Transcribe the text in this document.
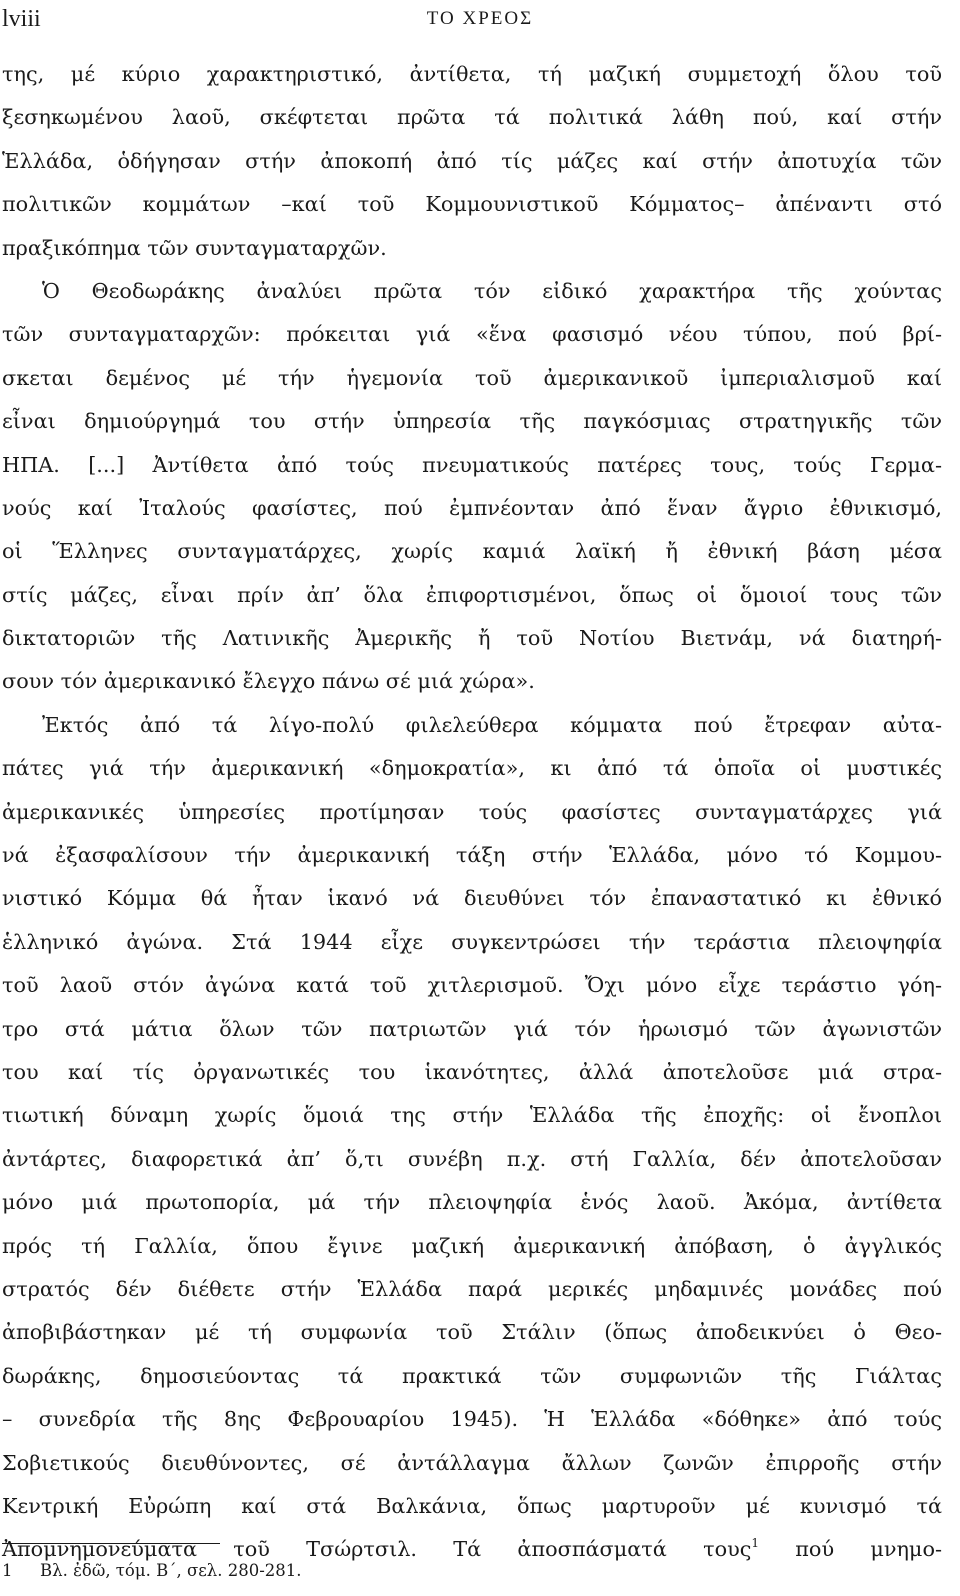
lviii	ΤΟ ΧΡΕΟΣ
της, μέ κύριο χαρακτηριστικό, ἀντίθετα, τή μαζική συμμετοχή ὅλου τοῦ
ξεσηκωμένου λαοῦ, σκέφτεται πρῶτα τά πολιτικά λάθη πού, καί στήν
Ἑλλάδα, ὁδήγησαν στήν ἀποκοπή ἀπό τίς μάζες καί στήν ἀποτυχία τῶν
πολιτικῶν κομμάτων –καί τοῦ Κομμουνιστικοῦ Κόμματος– ἀπέναντι στό
πραξικόπημα τῶν συνταγματαρχῶν.
Ὁ Θεοδωράκης ἀναλύει πρῶτα τόν εἰδικό χαρακτήρα τῆς χούντας
τῶν συνταγματαρχῶν: πρόκειται γιά «ἕνα φασισμό νέου τύπου, πού βρί-
σκεται δεμένος μέ τήν ἡγεμονία τοῦ ἀμερικανικοῦ ἰμπεριαλισμοῦ καί
εἶναι δημιούργημά του στήν ὑπηρεσία τῆς παγκόσμιας στρατηγικῆς τῶν
ΗΠΑ. [...] Ἀντίθετα ἀπό τούς πνευματικούς πατέρες τους, τούς Γερμα-
νούς καί Ἰταλούς φασίστες, πού ἐμπνέονταν ἀπό ἕναν ἄγριο ἐθνικισμό,
οἱ Ἕλληνες συνταγματάρχες, χωρίς καμιά λαϊκή ἤ ἐθνική βάση μέσα
στίς μάζες, εἶναι πρίν ἀπ’ ὅλα ἐπιφορτισμένοι, ὅπως οἱ ὅμοιοί τους τῶν
δικτατοριῶν τῆς Λατινικῆς Ἀμερικῆς ἤ τοῦ Νοτίου Βιετνάμ, νά διατηρή-
σουν τόν ἀμερικανικό ἔλεγχο πάνω σέ μιά χώρα».
Ἐκτός ἀπό τά λίγο-πολύ φιλελεύθερα κόμματα πού ἔτρεφαν αὐτα-
πάτες γιά τήν ἀμερικανική «δημοκρατία», κι ἀπό τά ὁποῖα οἱ μυστικές
ἀμερικανικές ὑπηρεσίες προτίμησαν τούς φασίστες συνταγματάρχες γιά
νά ἐξασφαλίσουν τήν ἀμερικανική τάξη στήν Ἑλλάδα, μόνο τό Κομμου-
νιστικό Κόμμα θά ἦταν ἱκανό νά διευθύνει τόν ἐπαναστατικό κι ἐθνικό
ἑλληνικό ἀγώνα. Στά 1944 εἶχε συγκεντρώσει τήν τεράστια πλειοψηφία
τοῦ λαοῦ στόν ἀγώνα κατά τοῦ χιτλερισμοῦ. Ὄχι μόνο εἶχε τεράστιο γόη-
τρο στά μάτια ὅλων τῶν πατριωτῶν γιά τόν ἡρωισμό τῶν ἀγωνιστῶν
του καί τίς ὀργανωτικές του ἱκανότητες, ἀλλά ἀποτελοῦσε μιά στρα-
τιωτική δύναμη χωρίς ὅμοιά της στήν Ἑλλάδα τῆς ἐποχῆς: οἱ ἔνοπλοι
ἀντάρτες, διαφορετικά ἀπ’ ὅ,τι συνέβη π.χ. στή Γαλλία, δέν ἀποτελοῦσαν
μόνο μιά πρωτοπορία, μά τήν πλειοψηφία ἑνός λαοῦ. Ἀκόμα, ἀντίθετα
πρός τή Γαλλία, ὅπου ἔγινε μαζική ἀμερικανική ἀπόβαση, ὁ ἀγγλικός
στρατός δέν διέθετε στήν Ἑλλάδα παρά μερικές μηδαμινές μονάδες πού
ἀποβιβάστηκαν μέ τή συμφωνία τοῦ Στάλιν (ὅπως ἀποδεικνύει ὁ Θεο-
δωράκης, δημοσιεύοντας τά πρακτικά τῶν συμφωνιῶν τῆς Γιάλτας
– συνεδρία τῆς 8ης Φεβρουαρίου 1945). Ἡ Ἑλλάδα «δόθηκε» ἀπό τούς
Σοβιετικούς διευθύνοντες, σέ ἀντάλλαγμα ἄλλων ζωνῶν ἐπιρροῆς στήν
Κεντρική Εὐρώπη καί στά Βαλκάνια, ὅπως μαρτυροῦν μέ κυνισμό τά
Ἀπομνημονεύματα τοῦ Τσώρτσιλ. Τά ἀποσπάσματά τους$^1$ πού μνημο-
1 Βλ. ἐδῶ, τόμ. Β΄, σελ. 280-281.
